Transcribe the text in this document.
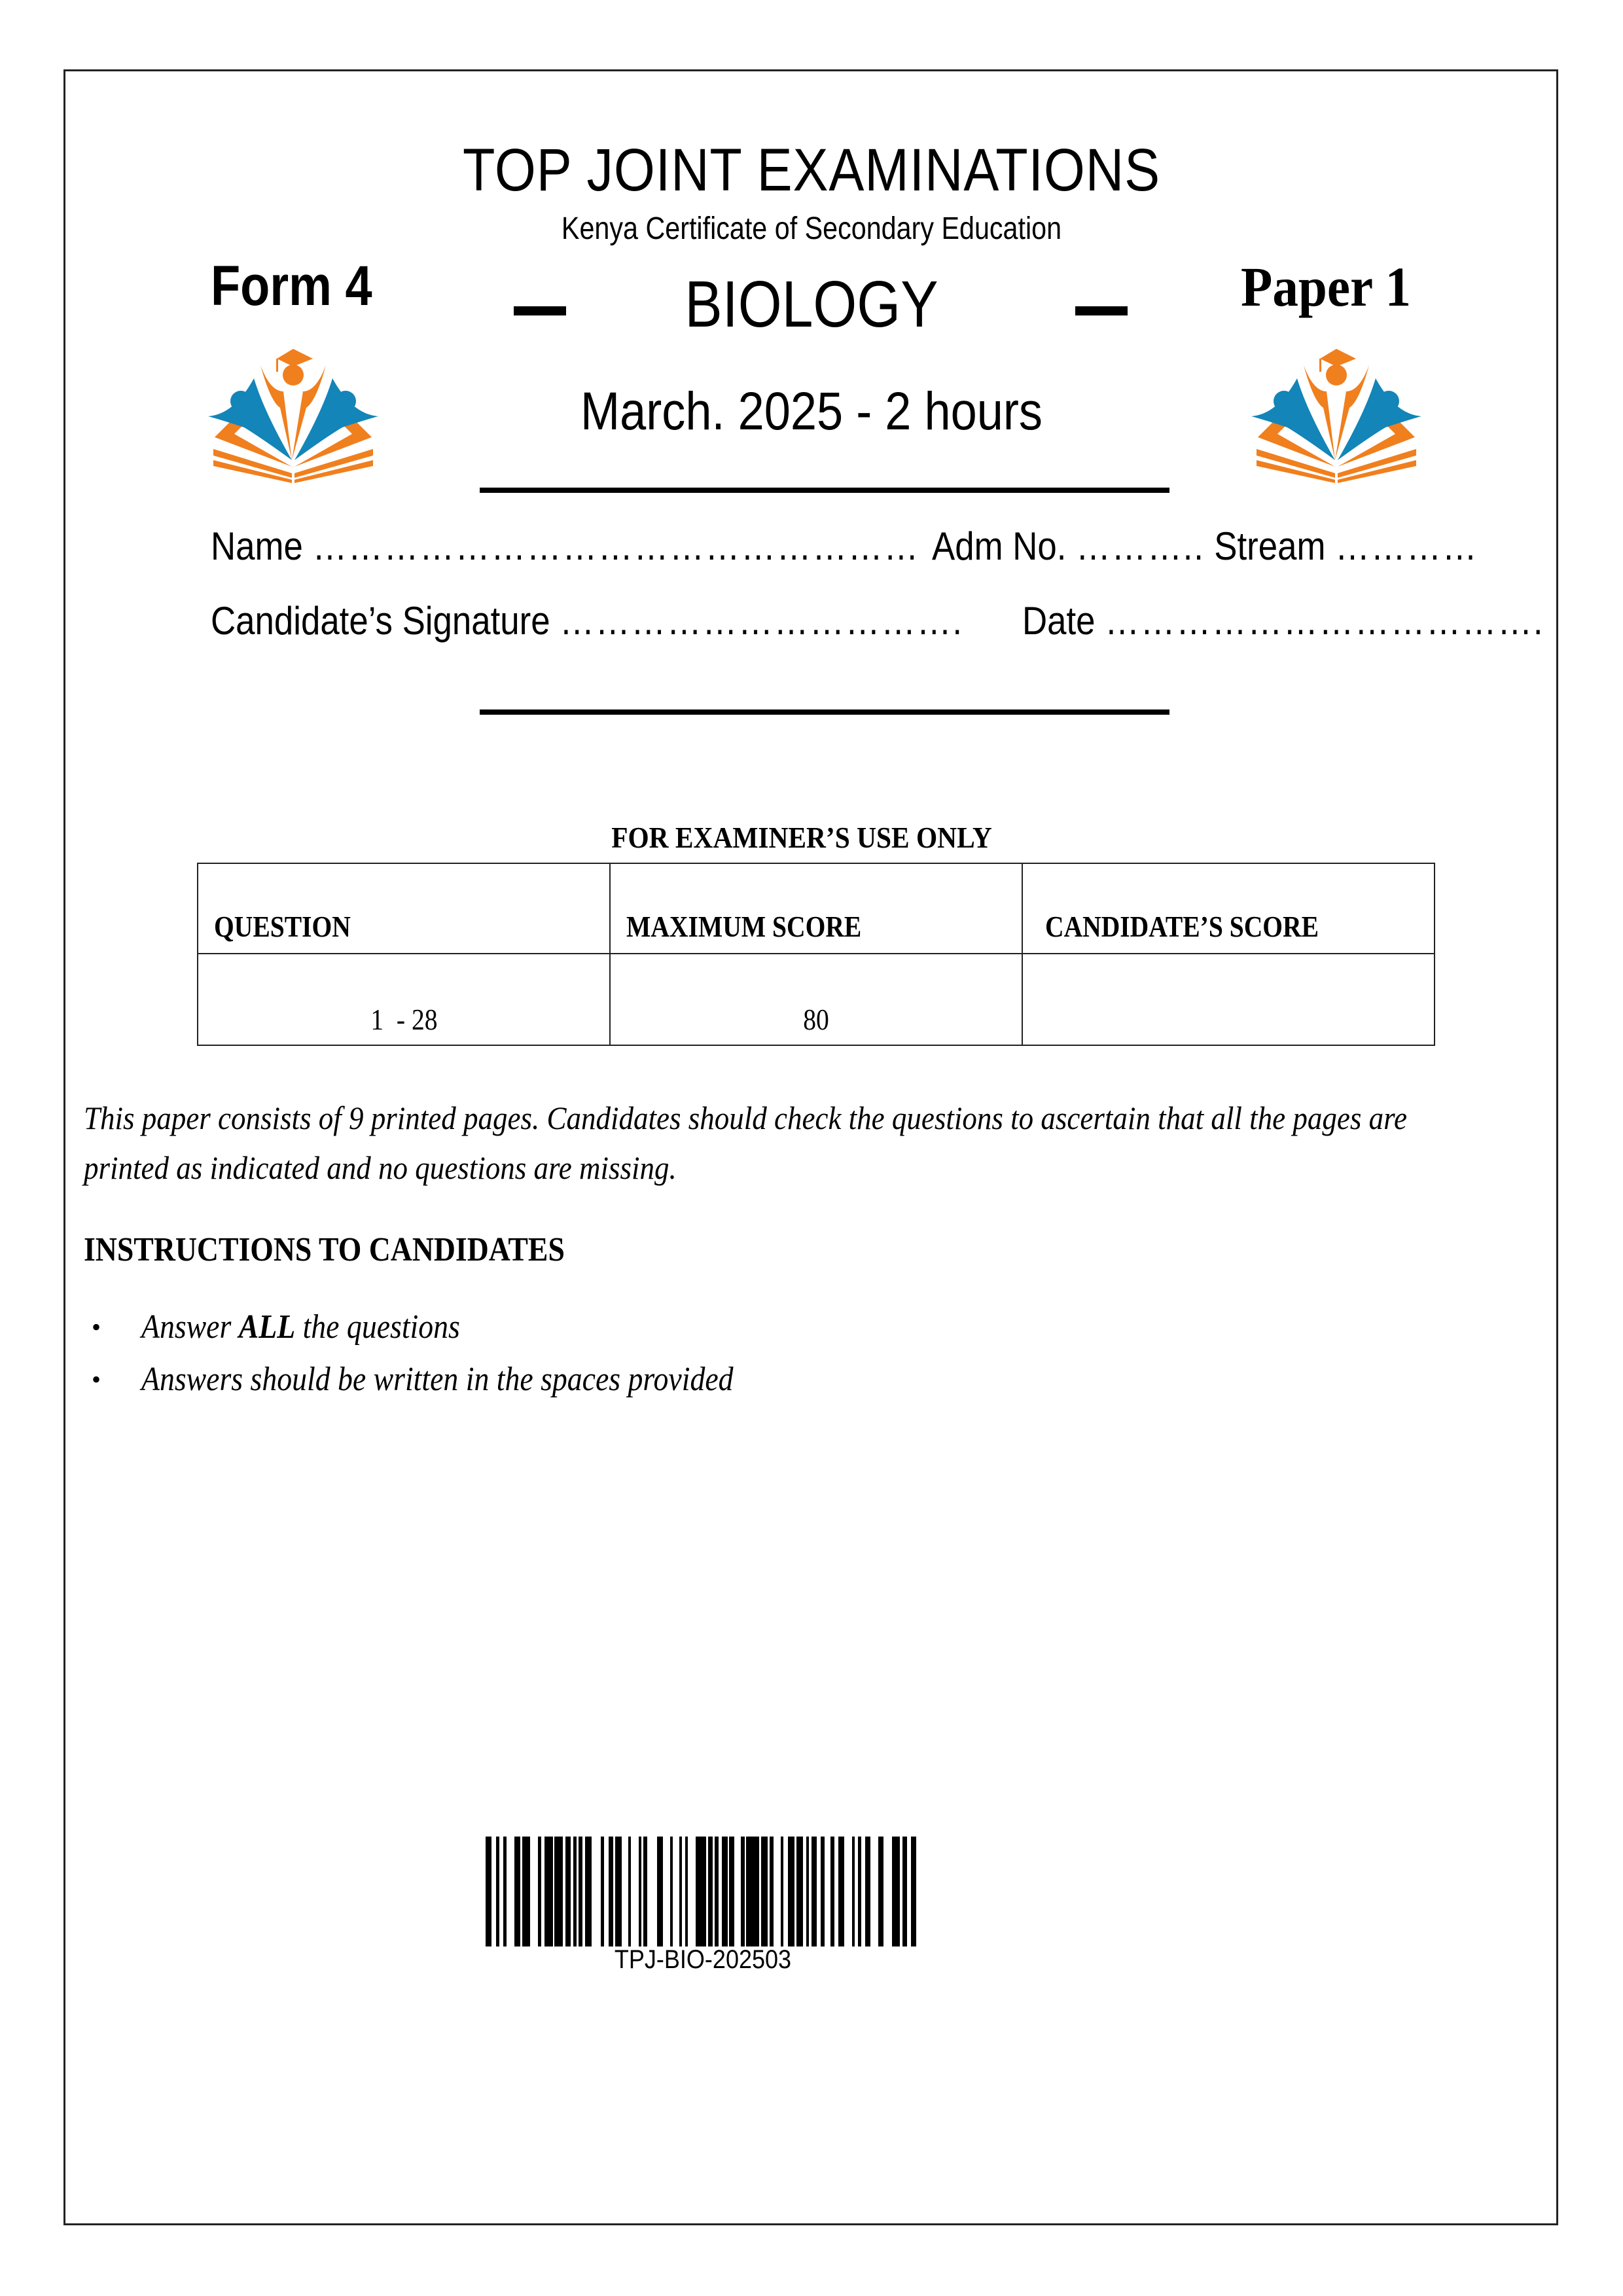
TOP JOINT EXAMINATIONS
Kenya Certificate of Secondary Education
Form 4	Paper 1
BIOLOGY
March. 2025 - 2 hours
Name …………………………………………… Adm No. ……….. Stream …………
Candidate’s Signature ……………………………. Date ……………………………….
FOR EXAMINER’S USE ONLY
QUESTION	MAXIMUM SCORE	CANDIDATE’S SCORE
1  - 28	80	
This paper consists of 9 printed pages. Candidates should check the questions to ascertain that all the pages are printed as indicated and no questions are missing.
INSTRUCTIONS TO CANDIDATES
•	Answer ALL the questions
•	Answers should be written in the spaces provided
TPJ-BIO-202503
